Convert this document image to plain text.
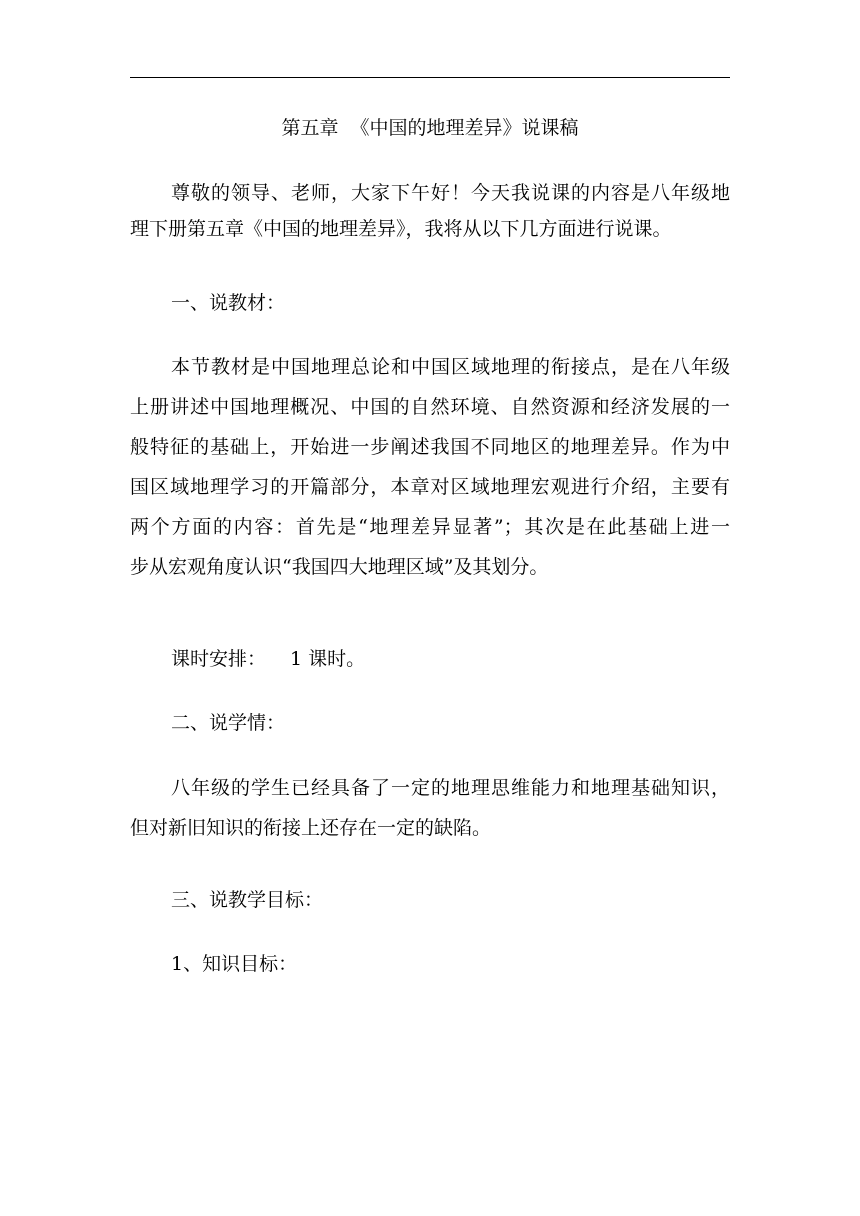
第五章  《中国的地理差异》说课稿
尊敬的领导、老师，大家下午好！今天我说课的内容是八年级地
理下册第五章《中国的地理差异》，我将从以下几方面进行说课。
一、说教材：
本节教材是中国地理总论和中国区域地理的衔接点，是在八年级
上册讲述中国地理概况、中国的自然环境、自然资源和经济发展的一
般特征的基础上，开始进一步阐述我国不同地区的地理差异。作为中
国区域地理学习的开篇部分，本章对区域地理宏观进行介绍，主要有
两个方面的内容：首先是“地理差异显著”；其次是在此基础上进一
步从宏观角度认识“我国四大地理区域”及其划分。
课时安排： 1 课时。
二、说学情：
八年级的学生已经具备了一定的地理思维能力和地理基础知识，
但对新旧知识的衔接上还存在一定的缺陷。
三、说教学目标：
1、知识目标：
